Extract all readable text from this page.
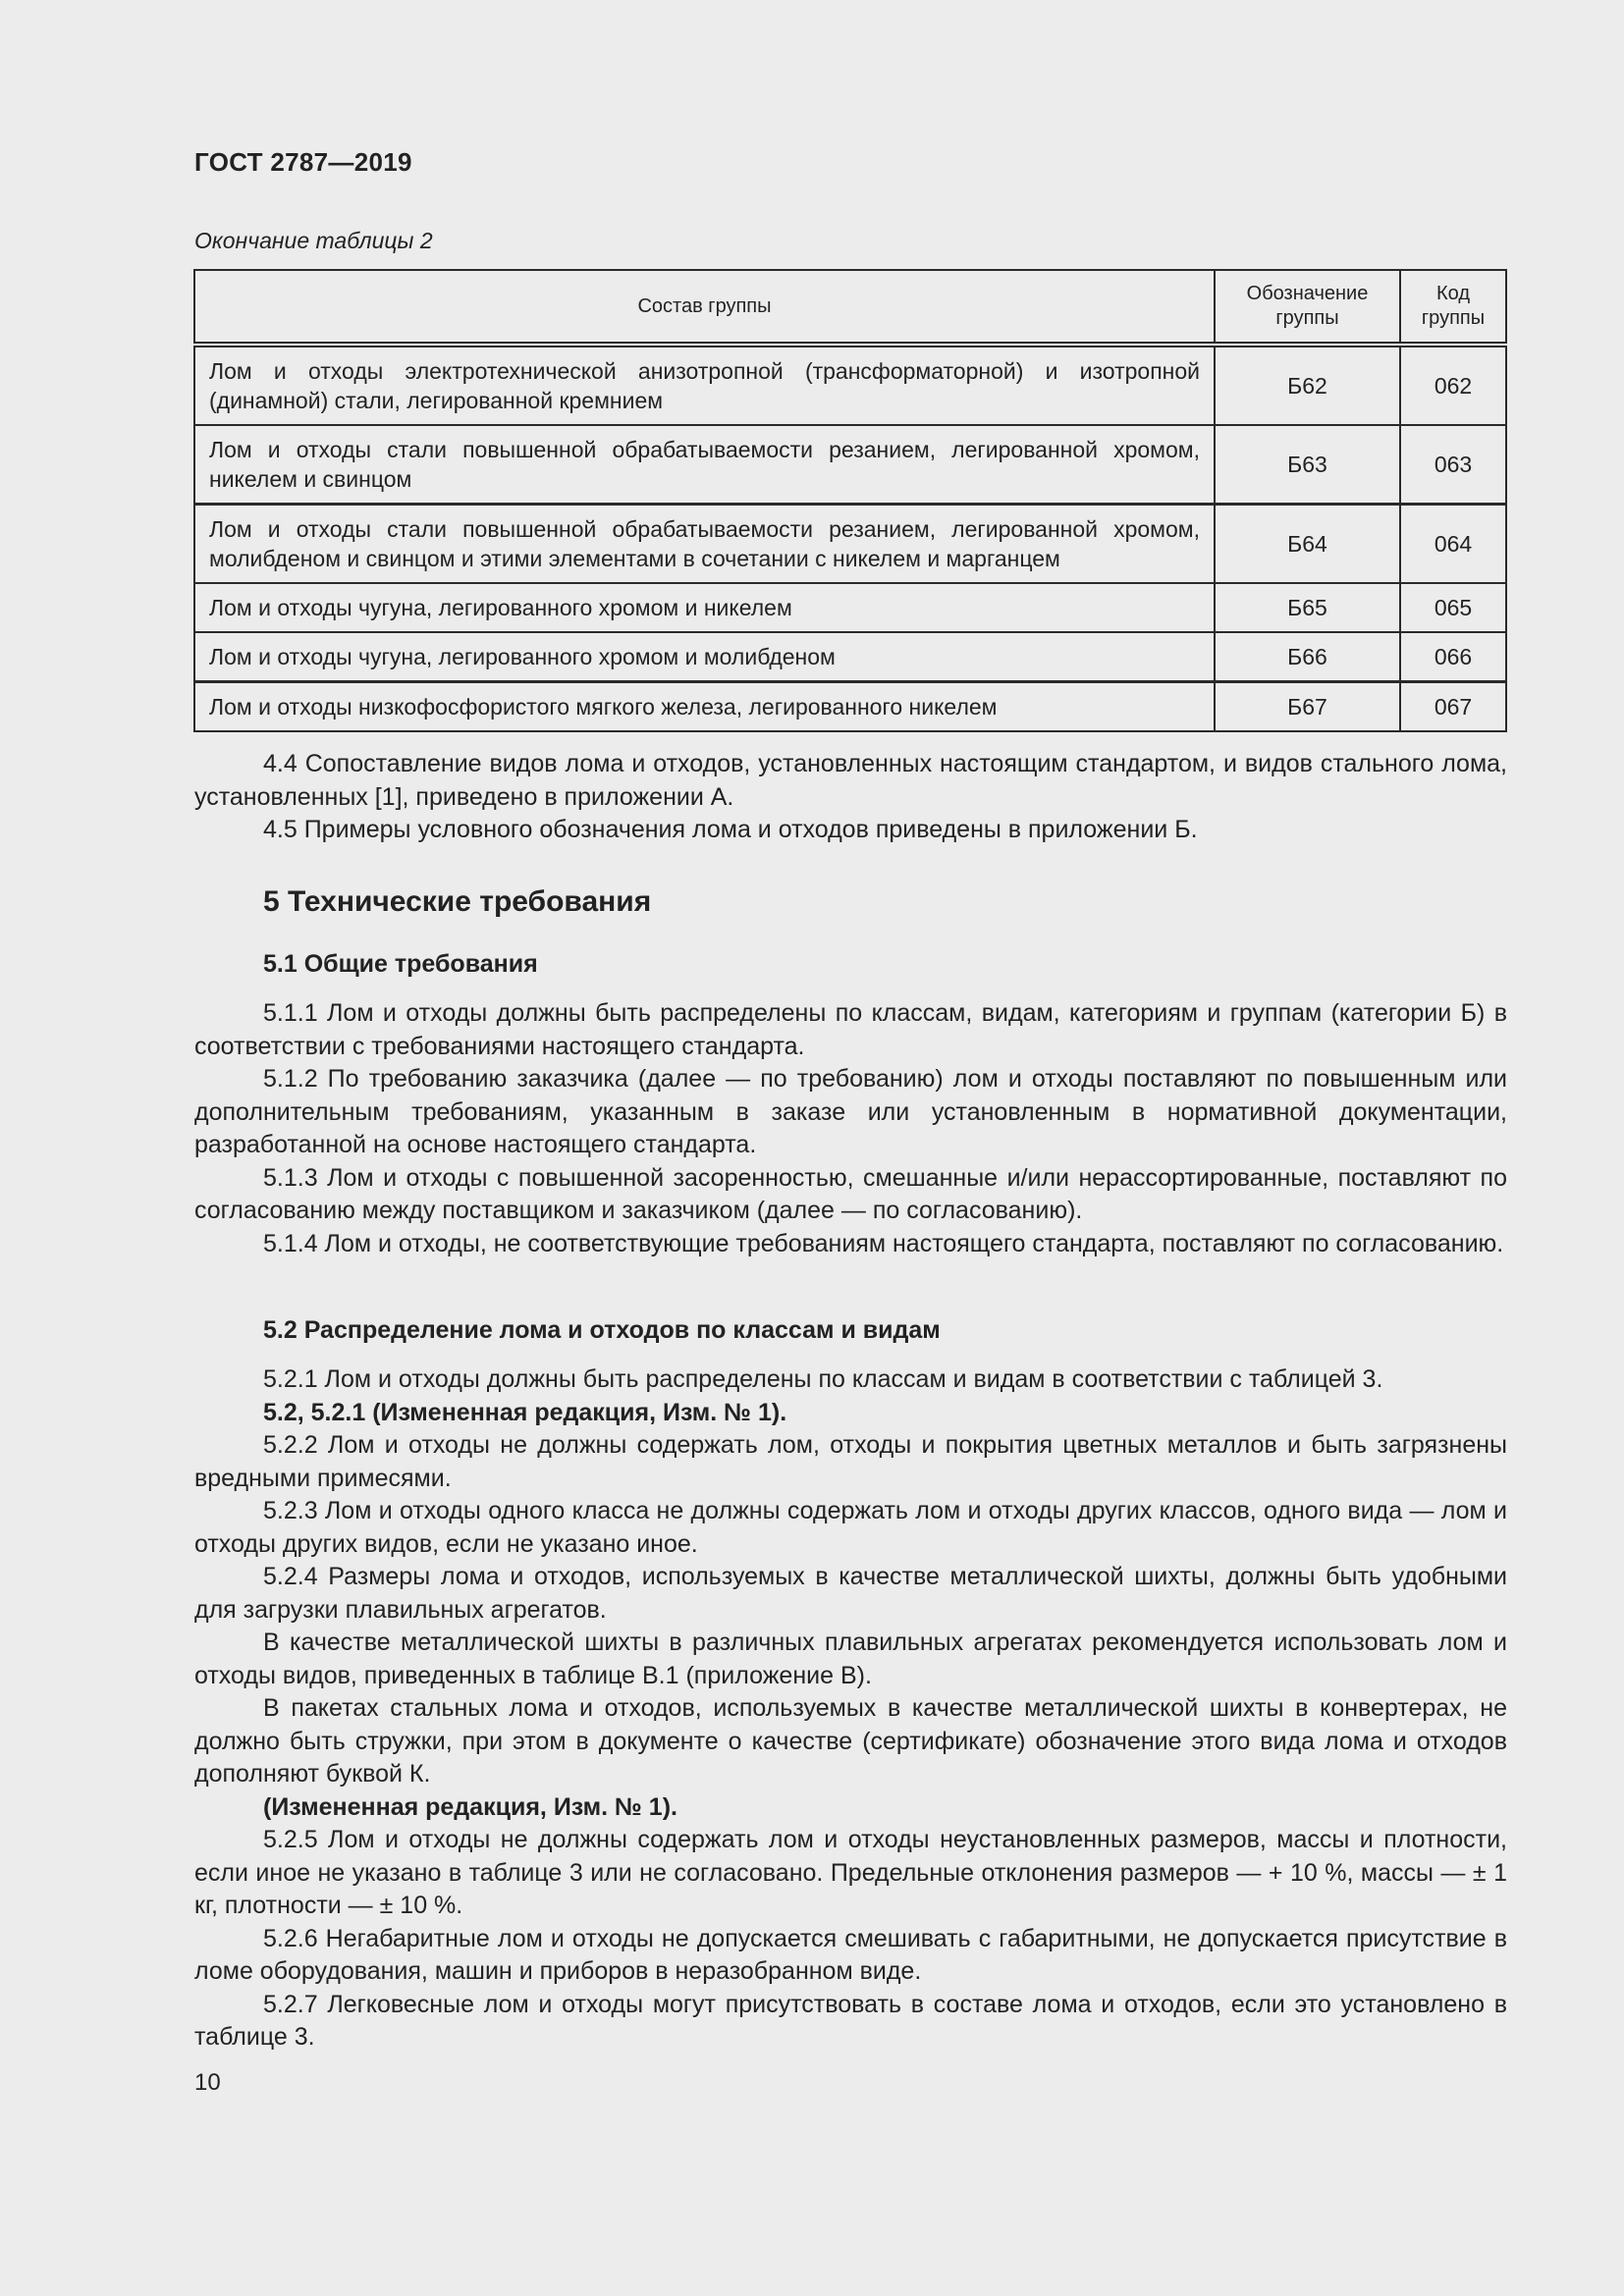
ГОСТ 2787—2019
Окончание таблицы 2
Состав группы	Обозначение группы	Код группы
Лом и отходы электротехнической анизотропной (трансформаторной) и изотропной (динамной) стали, легированной кремнием	Б62	062
Лом и отходы стали повышенной обрабатываемости резанием, легированной хромом, никелем и свинцом	Б63	063
Лом и отходы стали повышенной обрабатываемости резанием, легированной хромом, молибденом и свинцом и этими элементами в сочетании с никелем и марганцем	Б64	064
Лом и отходы чугуна, легированного хромом и никелем	Б65	065
Лом и отходы чугуна, легированного хромом и молибденом	Б66	066
Лом и отходы низкофосфористого мягкого железа, легированного никелем	Б67	067

4.4 Сопоставление видов лома и отходов, установленных настоящим стандартом, и видов стального лома, установленных [1], приведено в приложении А.

4.5 Примеры условного обозначения лома и отходов приведены в приложении Б.

5 Технические требования
5.1 Общие требования

5.1.1 Лом и отходы должны быть распределены по классам, видам, категориям и группам (категории Б) в соответствии с требованиями настоящего стандарта.

5.1.2 По требованию заказчика (далее — по требованию) лом и отходы поставляют по повышенным или дополнительным требованиям, указанным в заказе или установленным в нормативной документации, разработанной на основе настоящего стандарта.

5.1.3 Лом и отходы с повышенной засоренностью, смешанные и/или нерассортированные, поставляют по согласованию между поставщиком и заказчиком (далее — по согласованию).

5.1.4 Лом и отходы, не соответствующие требованиям настоящего стандарта, поставляют по согласованию.

5.2 Распределение лома и отходов по классам и видам

5.2.1 Лом и отходы должны быть распределены по классам и видам в соответствии с таблицей 3.

5.2, 5.2.1 (Измененная редакция, Изм. № 1).

5.2.2 Лом и отходы не должны содержать лом, отходы и покрытия цветных металлов и быть загрязнены вредными примесями.

5.2.3 Лом и отходы одного класса не должны содержать лом и отходы других классов, одного вида — лом и отходы других видов, если не указано иное.

5.2.4 Размеры лома и отходов, используемых в качестве металлической шихты, должны быть удобными для загрузки плавильных агрегатов.

В качестве металлической шихты в различных плавильных агрегатах рекомендуется использовать лом и отходы видов, приведенных в таблице В.1 (приложение В).

В пакетах стальных лома и отходов, используемых в качестве металлической шихты в конвертерах, не должно быть стружки, при этом в документе о качестве (сертификате) обозначение этого вида лома и отходов дополняют буквой К.

(Измененная редакция, Изм. № 1).

5.2.5 Лом и отходы не должны содержать лом и отходы неустановленных размеров, массы и плотности, если иное не указано в таблице 3 или не согласовано. Предельные отклонения размеров — + 10 %, массы — ± 1 кг, плотности — ± 10 %.

5.2.6 Негабаритные лом и отходы не допускается смешивать с габаритными, не допускается присутствие в ломе оборудования, машин и приборов в неразобранном виде.

5.2.7 Легковесные лом и отходы могут присутствовать в составе лома и отходов, если это установлено в таблице 3.

10
